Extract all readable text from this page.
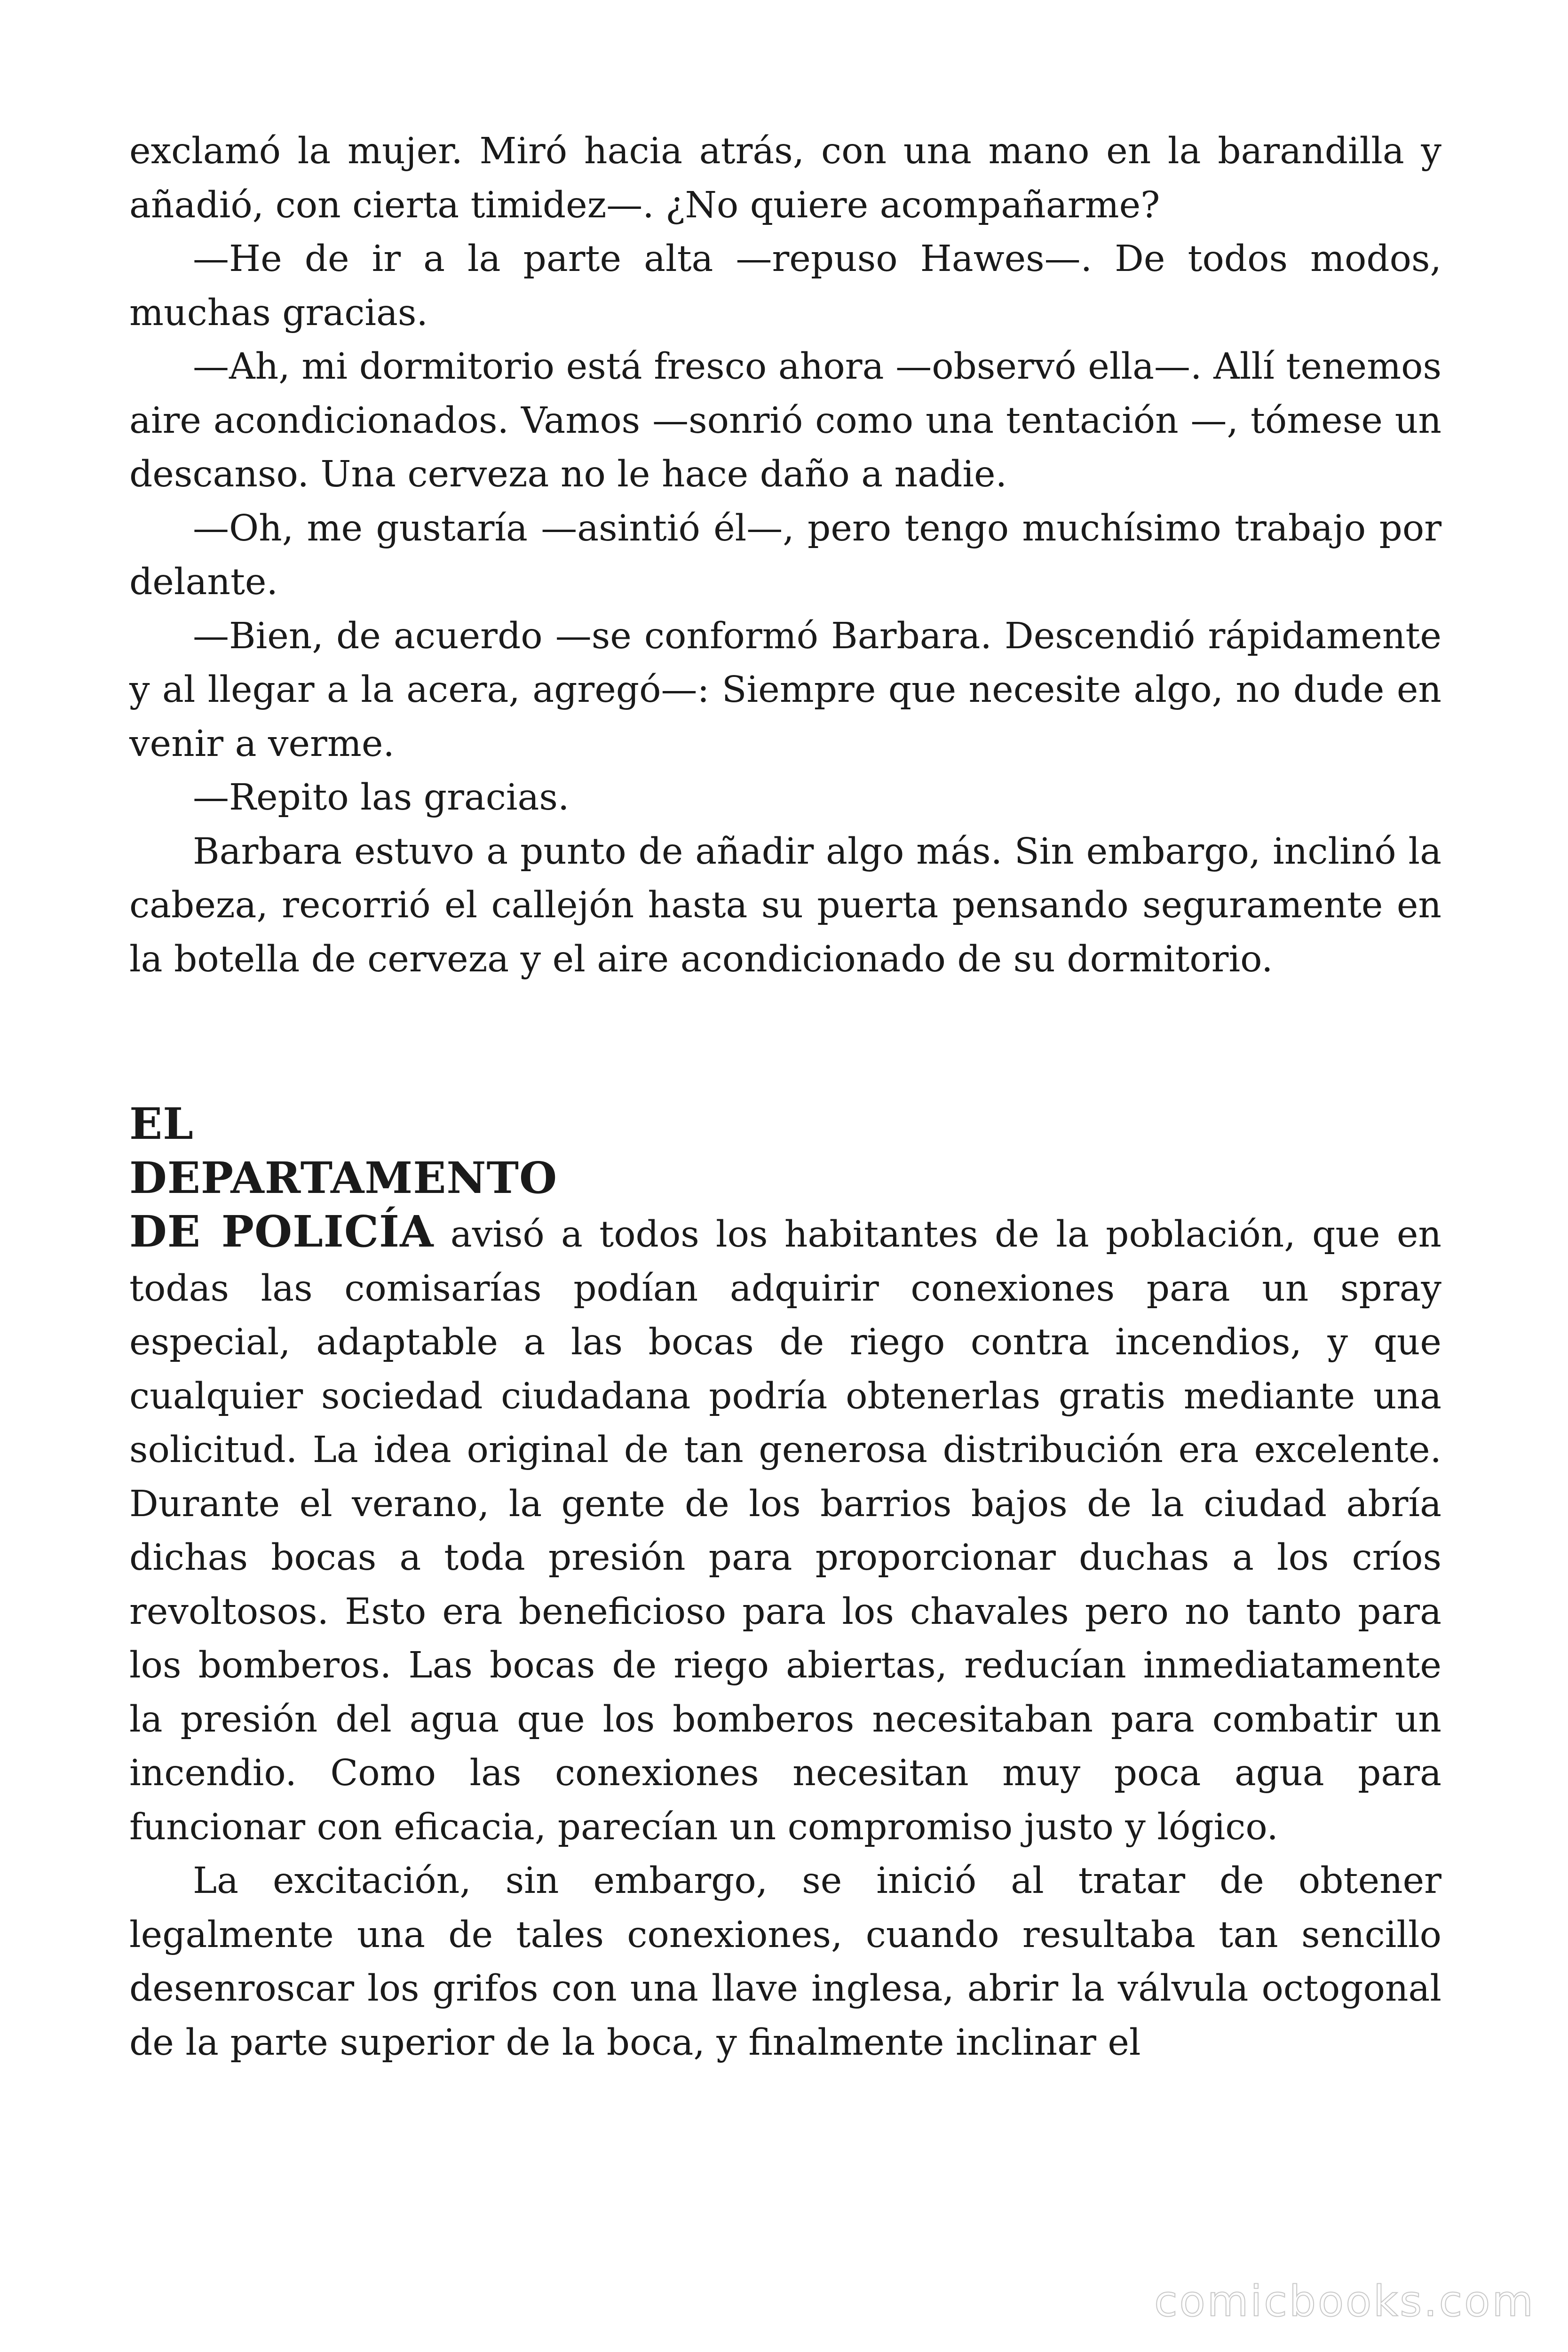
exclamó la mujer. Miró hacia atrás, con una mano en la barandilla y añadió, con cierta timidez—. ¿No quiere acompañarme?

—He de ir a la parte alta —repuso Hawes—. De todos modos, muchas gracias.

—Ah, mi dormitorio está fresco ahora —observó ella—. Allí tenemos aire acondicionados. Vamos —sonrió como una tentación —, tómese un descanso. Una cerveza no le hace daño a nadie.

—Oh, me gustaría —asintió él—, pero tengo muchísimo trabajo por delante.

—Bien, de acuerdo —se conformó Barbara. Descendió rápidamente y al llegar a la acera, agregó—: Siempre que necesite algo, no dude en venir a verme.

—Repito las gracias.

Barbara estuvo a punto de añadir algo más. Sin embargo, inclinó la cabeza, recorrió el callejón hasta su puerta pensando seguramente en la botella de cerveza y el aire acondicionado de su dormitorio.

EL
DEPARTAMENTO

DE POLICÍA avisó a todos los habitantes de la población, que en todas las comisarías podían adquirir conexiones para un spray especial, adaptable a las bocas de riego contra incendios, y que cualquier sociedad ciudadana podría obtenerlas gratis mediante una solicitud. La idea original de tan generosa distribución era excelente. Durante el verano, la gente de los barrios bajos de la ciudad abría dichas bocas a toda presión para proporcionar duchas a los críos revoltosos. Esto era beneficioso para los chavales pero no tanto para los bomberos. Las bocas de riego abiertas, reducían inmediatamente la presión del agua que los bomberos necesitaban para combatir un incendio. Como las conexiones necesitan muy poca agua para funcionar con eficacia, parecían un compromiso justo y lógico.

La excitación, sin embargo, se inició al tratar de obtener legalmente una de tales conexiones, cuando resultaba tan sencillo desenroscar los grifos con una llave inglesa, abrir la válvula octogonal de la parte superior de la boca, y finalmente inclinar el

comicbooks.com
